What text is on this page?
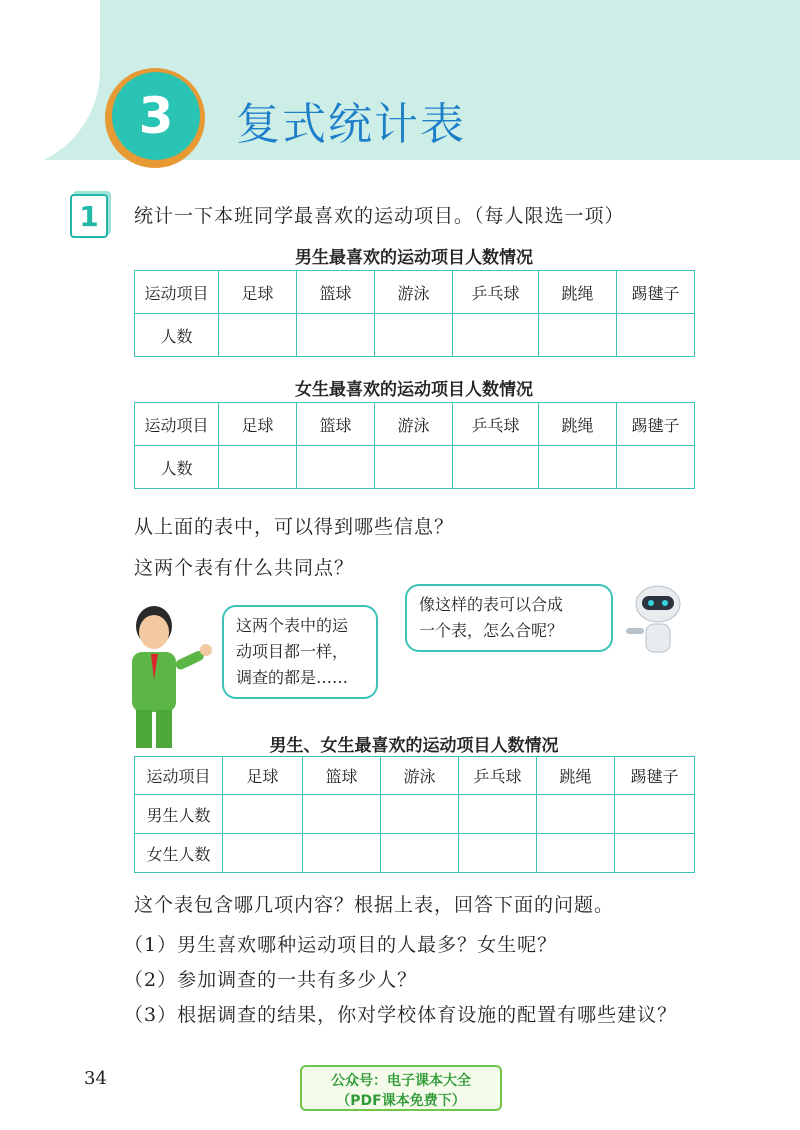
3	复式统计表
1	统计一下本班同学最喜欢的运动项目。（每人限选一项）
男生最喜欢的运动项目人数情况
运动项目	足球	篮球	游泳	乒乓球	跳绳	踢毽子
人数						
女生最喜欢的运动项目人数情况
运动项目	足球	篮球	游泳	乒乓球	跳绳	踢毽子
人数						
从上面的表中，可以得到哪些信息？
这两个表有什么共同点？
这两个表中的运
动项目都一样，
调查的都是……
像这样的表可以合成
一个表，怎么合呢？
男生、女生最喜欢的运动项目人数情况
运动项目	足球	篮球	游泳	乒乓球	跳绳	踢毽子
男生人数						
女生人数						
这个表包含哪几项内容？根据上表，回答下面的问题。
（1）男生喜欢哪种运动项目的人最多？女生呢？
（2）参加调查的一共有多少人？
（3）根据调查的结果，你对学校体育设施的配置有哪些建议？
34	公众号：电子课本大全
（PDF课本免费下）
